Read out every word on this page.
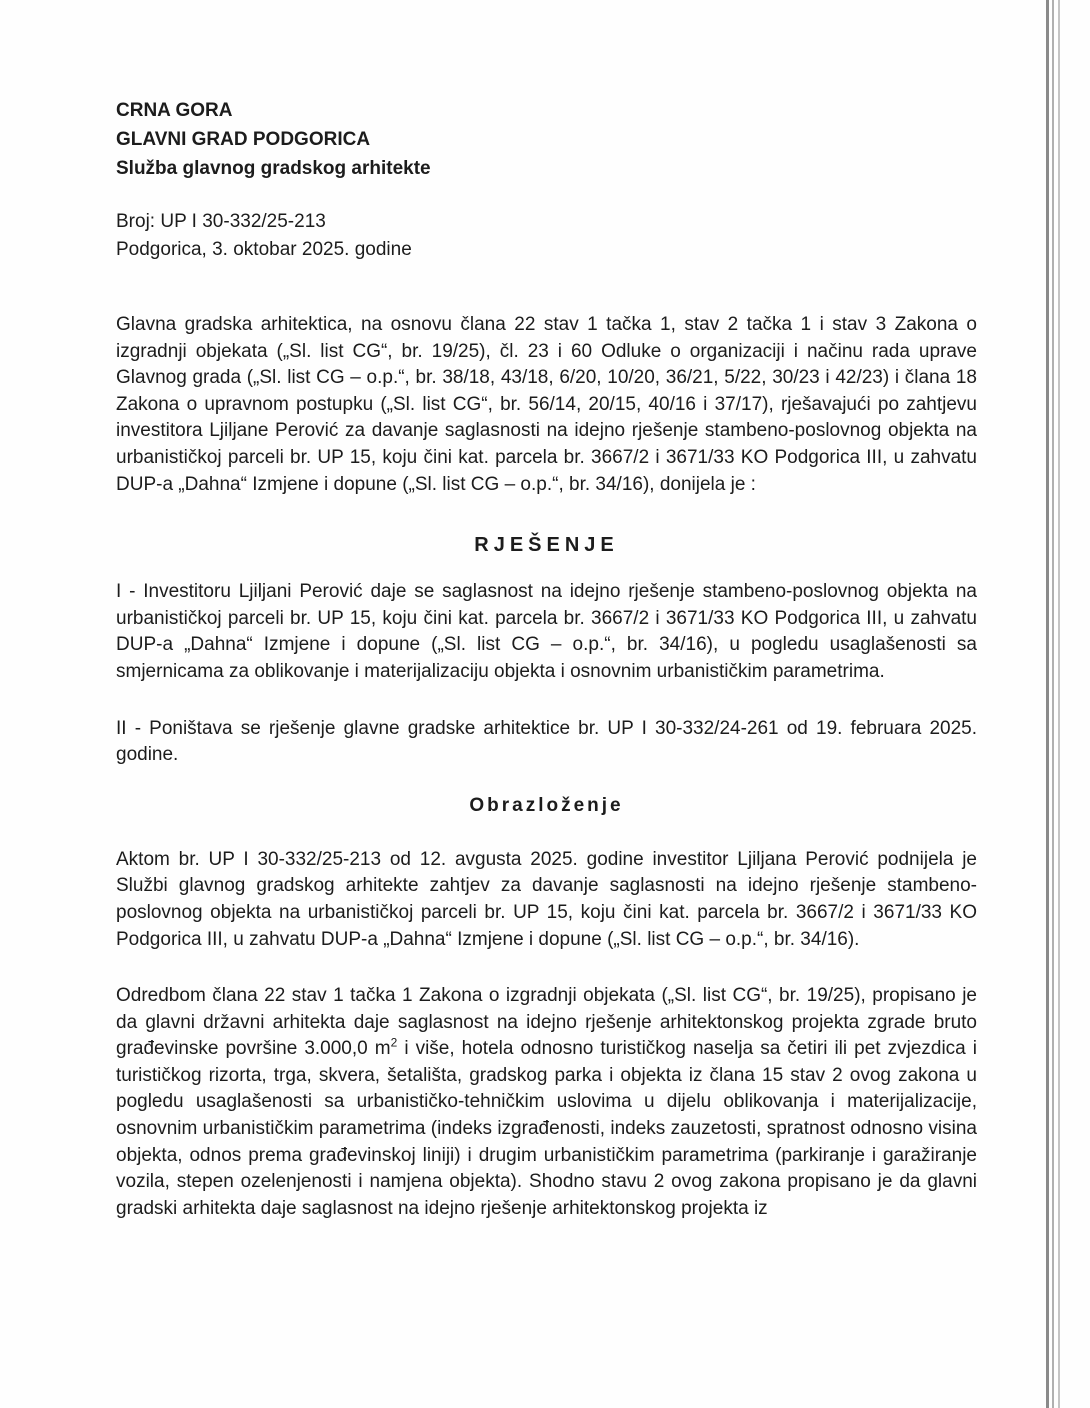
CRNA GORA
GLAVNI GRAD PODGORICA
Služba glavnog gradskog arhitekte
Broj: UP I 30-332/25-213
Podgorica, 3. oktobar 2025. godine

Glavna gradska arhitektica, na osnovu člana 22 stav 1 tačka 1, stav 2 tačka 1 i stav 3 Zakona o izgradnji objekata („Sl. list CG“, br. 19/25), čl. 23 i 60 Odluke o organizaciji i načinu rada uprave Glavnog grada („Sl. list CG – o.p.“, br. 38/18, 43/18, 6/20, 10/20, 36/21, 5/22, 30/23 i 42/23) i člana 18 Zakona o upravnom postupku („Sl. list CG“, br. 56/14, 20/15, 40/16 i 37/17), rješavajući po zahtjevu investitora Ljiljane Perović za davanje saglasnosti na idejno rješenje stambeno-poslovnog objekta na urbanističkoj parceli br. UP 15, koju čini kat. parcela br. 3667/2 i 3671/33 KO Podgorica III, u zahvatu DUP-a „Dahna“ Izmjene i dopune („Sl. list CG – o.p.“, br. 34/16), donijela je :

RJEŠENJE

I - Investitoru Ljiljani Perović daje se saglasnost na idejno rješenje stambeno-poslovnog objekta na urbanističkoj parceli br. UP 15, koju čini kat. parcela br. 3667/2 i 3671/33 KO Podgorica III, u zahvatu DUP-a „Dahna“ Izmjene i dopune („Sl. list CG – o.p.“, br. 34/16), u pogledu usaglašenosti sa smjernicama za oblikovanje i materijalizaciju objekta i osnovnim urbanističkim parametrima.

II - Poništava se rješenje glavne gradske arhitektice br. UP I 30-332/24-261 od 19. februara 2025. godine.

Obrazloženje

Aktom br. UP I 30-332/25-213 od 12. avgusta 2025. godine investitor Ljiljana Perović podnijela je Službi glavnog gradskog arhitekte zahtjev za davanje saglasnosti na idejno rješenje stambeno-poslovnog objekta na urbanističkoj parceli br. UP 15, koju čini kat. parcela br. 3667/2 i 3671/33 KO Podgorica III, u zahvatu DUP-a „Dahna“ Izmjene i dopune („Sl. list CG – o.p.“, br. 34/16).

Odredbom člana 22 stav 1 tačka 1 Zakona o izgradnji objekata („Sl. list CG“, br. 19/25), propisano je da glavni državni arhitekta daje saglasnost na idejno rješenje arhitektonskog projekta zgrade bruto građevinske površine 3.000,0 $m^2$ i više, hotela odnosno turističkog naselja sa četiri ili pet zvjezdica i turističkog rizorta, trga, skvera, šetališta, gradskog parka i objekta iz člana 15 stav 2 ovog zakona u pogledu usaglašenosti sa urbanističko-tehničkim uslovima u dijelu oblikovanja i materijalizacije, osnovnim urbanističkim parametrima (indeks izgrađenosti, indeks zauzetosti, spratnost odnosno visina objekta, odnos prema građevinskoj liniji) i drugim urbanističkim parametrima (parkiranje i garažiranje vozila, stepen ozelenjenosti i namjena objekta). Shodno stavu 2 ovog zakona propisano je da glavni gradski arhitekta daje saglasnost na idejno rješenje arhitektonskog projekta iz
